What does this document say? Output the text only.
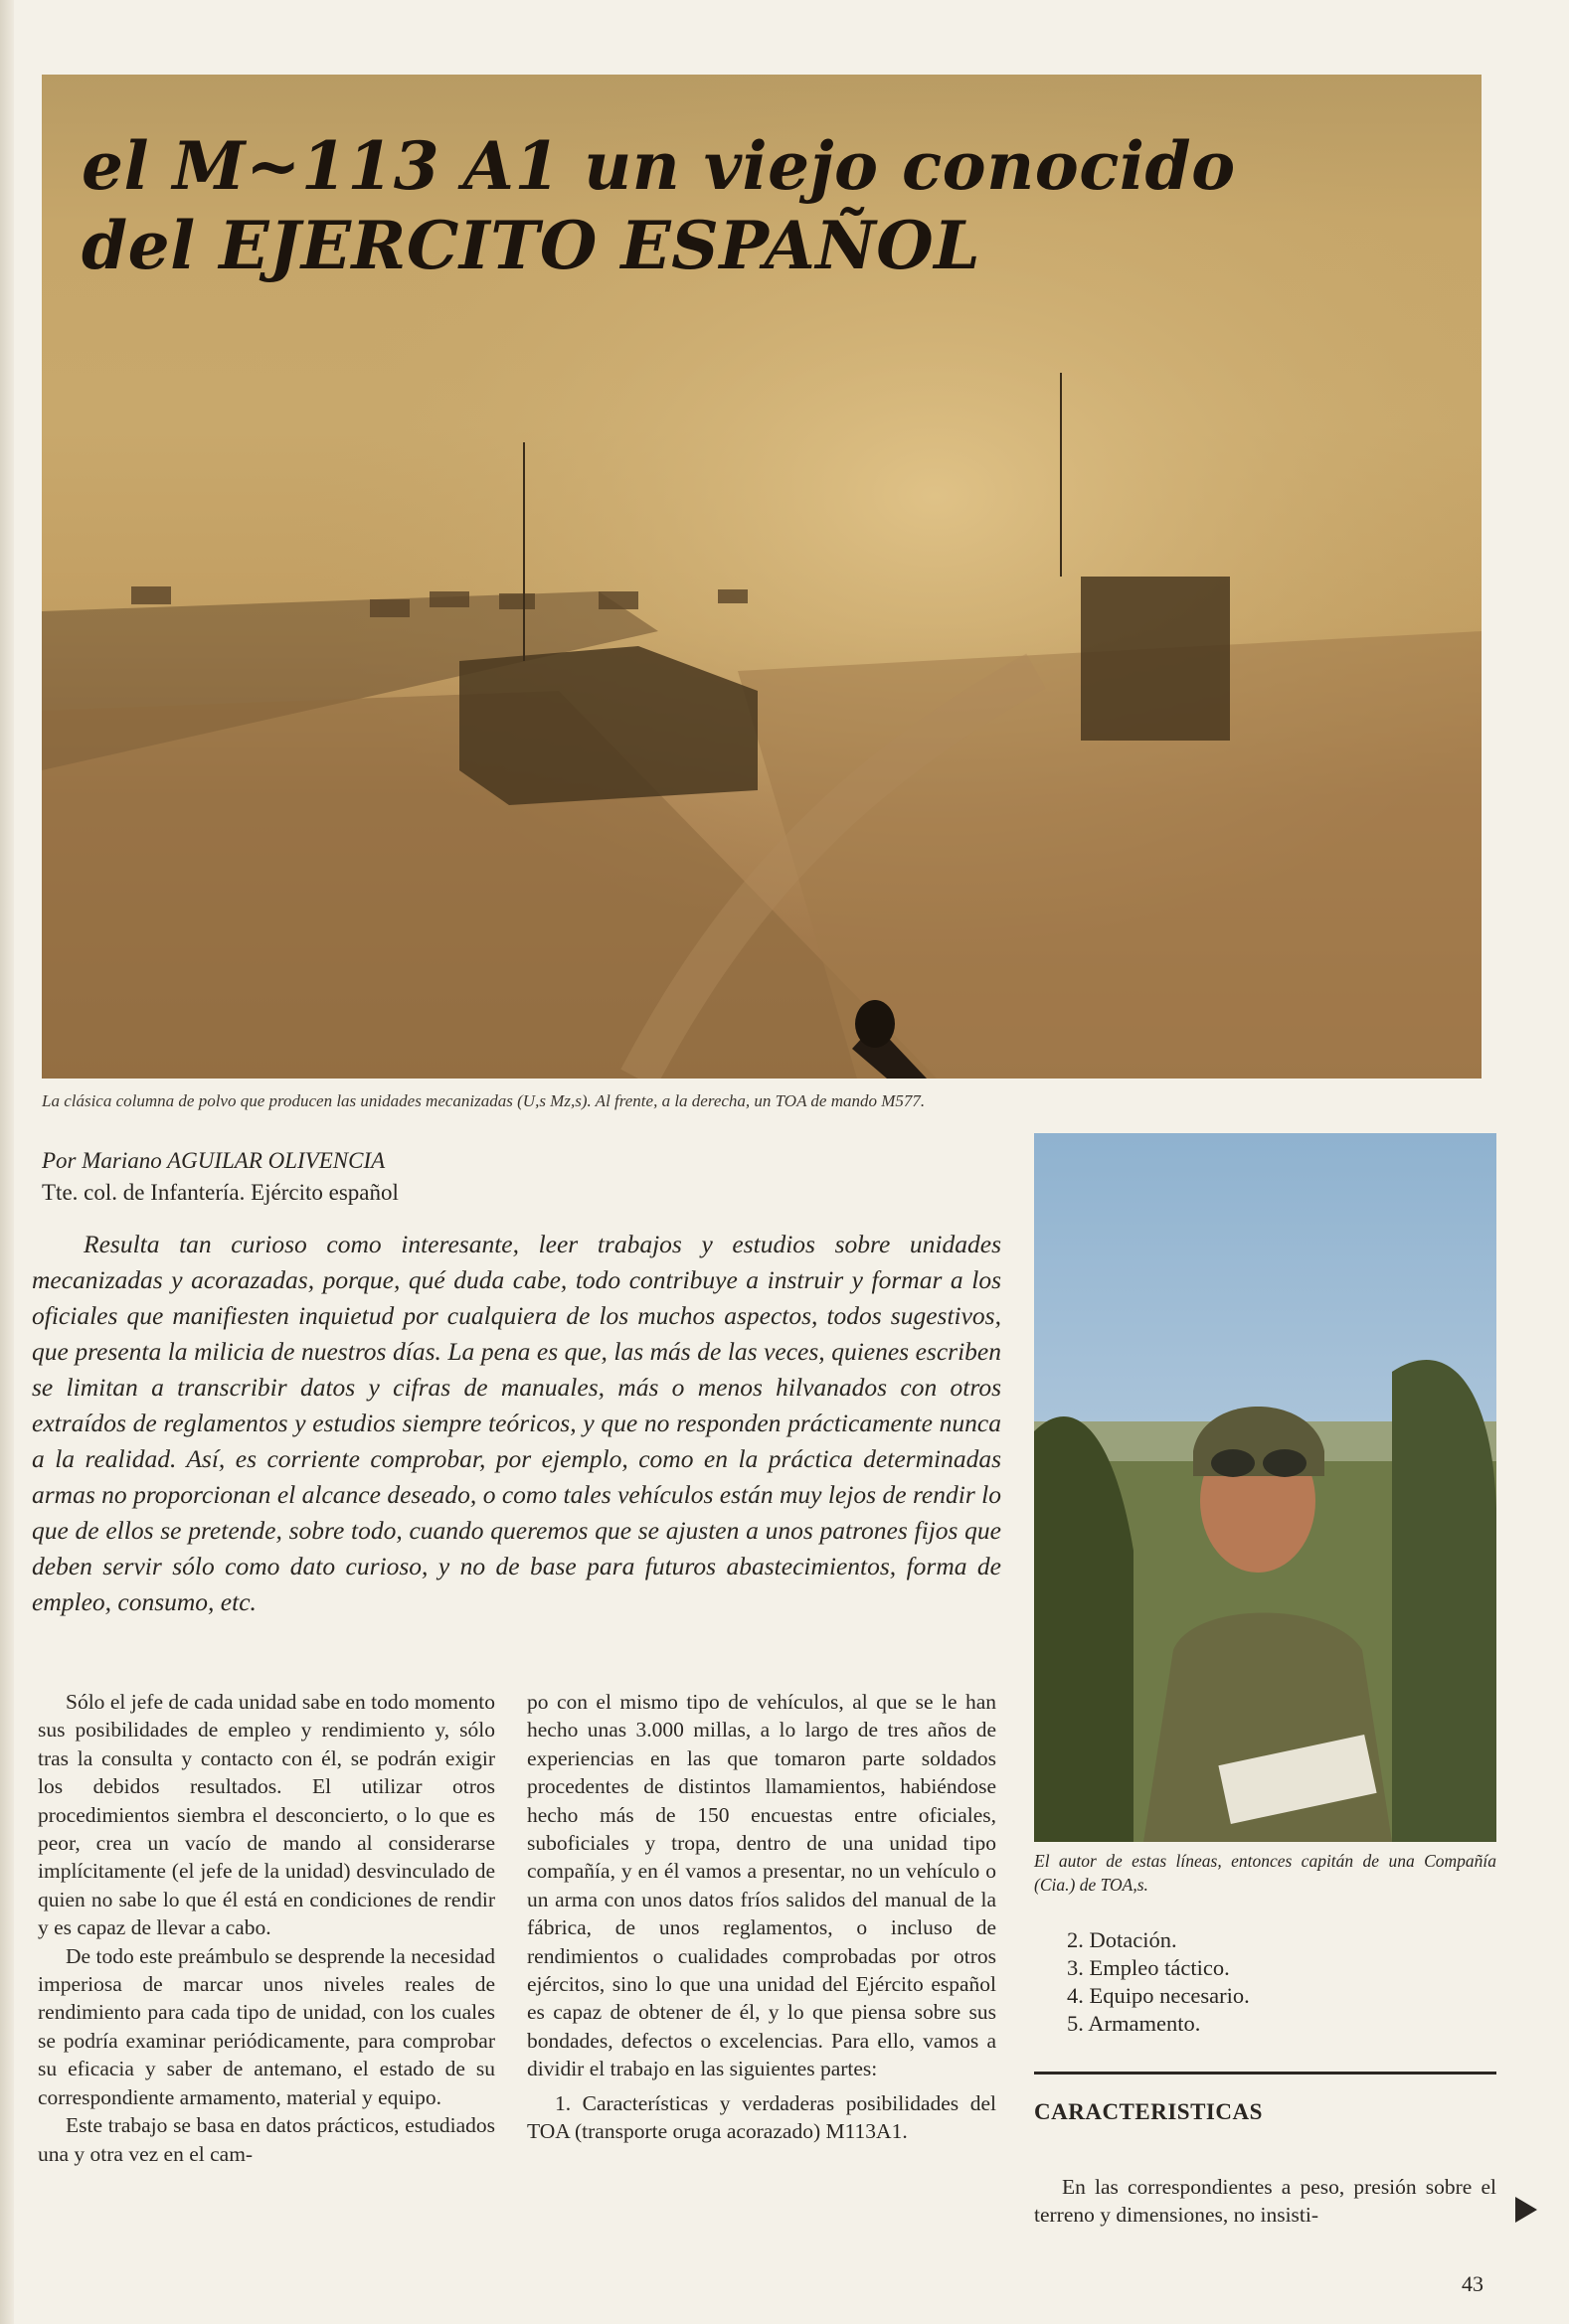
el M~113 A1 un viejo conocido
del EJERCITO ESPAÑOL

La clásica columna de polvo que producen las unidades mecanizadas (U,s Mz,s). Al frente, a la derecha, un TOA de mando M577.

Por Mariano AGUILAR OLIVENCIA

Tte. col. de Infantería. Ejército español

Resulta tan curioso como interesante, leer trabajos y estudios sobre unidades mecanizadas y acorazadas, porque, qué duda cabe, todo contribuye a instruir y formar a los oficiales que manifiesten inquietud por cualquiera de los muchos aspectos, todos sugestivos, que presenta la milicia de nuestros días. La pena es que, las más de las veces, quienes escriben se limitan a transcribir datos y cifras de manuales, más o menos hilvanados con otros extraídos de reglamentos y estudios siempre teóricos, y que no responden prácticamente nunca a la realidad. Así, es corriente comprobar, por ejemplo, como en la práctica determinadas armas no proporcionan el alcance deseado, o como tales vehículos están muy lejos de rendir lo que de ellos se pretende, sobre todo, cuando queremos que se ajusten a unos patrones fijos que deben servir sólo como dato curioso, y no de base para futuros abastecimientos, forma de empleo, consumo, etc.

Sólo el jefe de cada unidad sabe en todo momento sus posibilidades de empleo y rendimiento y, sólo tras la consulta y contacto con él, se podrán exigir los debidos resultados. El utilizar otros procedimientos siembra el desconcierto, o lo que es peor, crea un vacío de mando al considerarse implícitamente (el jefe de la unidad) desvinculado de quien no sabe lo que él está en condiciones de rendir y es capaz de llevar a cabo.

De todo este preámbulo se desprende la necesidad imperiosa de marcar unos niveles reales de rendimiento para cada tipo de unidad, con los cuales se podría examinar periódicamente, para comprobar su eficacia y saber de antemano, el estado de su correspondiente armamento, material y equipo.

Este trabajo se basa en datos prácticos, estudiados una y otra vez en el cam-

po con el mismo tipo de vehículos, al que se le han hecho unas 3.000 millas, a lo largo de tres años de experiencias en las que tomaron parte soldados procedentes de distintos llamamientos, habiéndose hecho más de 150 encuestas entre oficiales, suboficiales y tropa, dentro de una unidad tipo compañía, y en él vamos a presentar, no un vehículo o un arma con unos datos fríos salidos del manual de la fábrica, de unos reglamentos, o incluso de rendimientos o cualidades comprobadas por otros ejércitos, sino lo que una unidad del Ejército español es capaz de obtener de él, y lo que piensa sobre sus bondades, defectos o excelencias. Para ello, vamos a dividir el trabajo en las siguientes partes:

1. Características y verdaderas posibilidades del TOA (transporte oruga acorazado) M113A1.

El autor de estas líneas, entonces capitán de una Compañía (Cia.) de TOA,s.

2. Dotación.
3. Empleo táctico.
4. Equipo necesario.
5. Armamento.
CARACTERISTICAS

En las correspondientes a peso, presión sobre el terreno y dimensiones, no insisti-

43
